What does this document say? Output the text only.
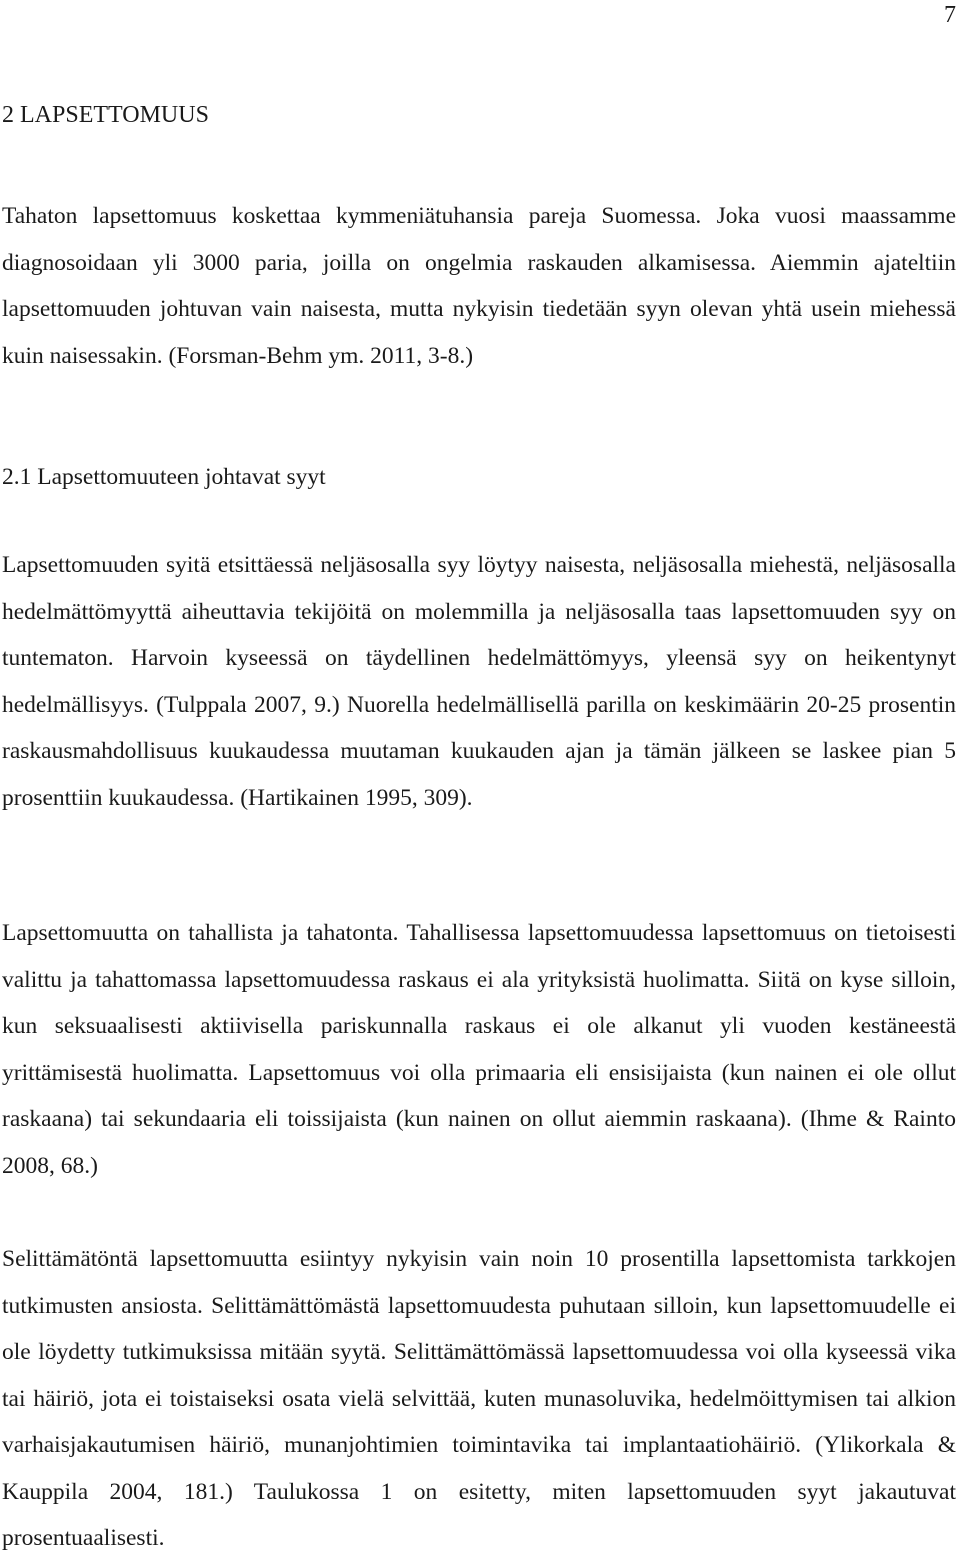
7
2 LAPSETTOMUUS

Tahaton lapsettomuus koskettaa kymmeniätuhansia pareja Suomessa. Joka vuosi maassamme diagnosoidaan yli 3000 paria, joilla on ongelmia raskauden alkamisessa. Aiemmin ajateltiin lapsettomuuden johtuvan vain naisesta, mutta nykyisin tiedetään syyn olevan yhtä usein miehessä kuin naisessakin. (Forsman-Behm ym. 2011, 3-8.)

2.1 Lapsettomuuteen johtavat syyt

Lapsettomuuden syitä etsittäessä neljäsosalla syy löytyy naisesta, neljäsosalla miehestä, neljäsosalla hedelmättömyyttä aiheuttavia tekijöitä on molemmilla ja neljäsosalla taas lapsettomuuden syy on tuntematon. Harvoin kyseessä on täydellinen hedelmättömyys, yleensä syy on heikentynyt hedelmällisyys. (Tulppala 2007, 9.) Nuorella hedelmällisellä parilla on keskimäärin 20-25 prosentin raskausmahdollisuus kuukaudessa muutaman kuukauden ajan ja tämän jälkeen se laskee pian 5 prosenttiin kuukaudessa. (Hartikainen 1995, 309).

Lapsettomuutta on tahallista ja tahatonta. Tahallisessa lapsettomuudessa lapsettomuus on tietoisesti valittu ja tahattomassa lapsettomuudessa raskaus ei ala yrityksistä huolimatta. Siitä on kyse silloin, kun seksuaalisesti aktiivisella pariskunnalla raskaus ei ole alkanut yli vuoden kestäneestä yrittämisestä huolimatta. Lapsettomuus voi olla primaaria eli ensisijaista (kun nainen ei ole ollut raskaana) tai sekundaaria eli toissijaista (kun nainen on ollut aiemmin raskaana). (Ihme & Rainto 2008, 68.)

Selittämätöntä lapsettomuutta esiintyy nykyisin vain noin 10 prosentilla lapsettomista tarkkojen tutkimusten ansiosta. Selittämättömästä lapsettomuudesta puhutaan silloin, kun lapsettomuudelle ei ole löydetty tutkimuksissa mitään syytä. Selittämättömässä lapsettomuudessa voi olla kyseessä vika tai häiriö, jota ei toistaiseksi osata vielä selvittää, kuten munasoluvika, hedelmöittymisen tai alkion varhaisjakautumisen häiriö, munanjohtimien toimintavika tai implantaatiohäiriö. (Ylikorkala & Kauppila 2004, 181.) Taulukossa 1 on esitetty, miten lapsettomuuden syyt jakautuvat prosentuaalisesti.
